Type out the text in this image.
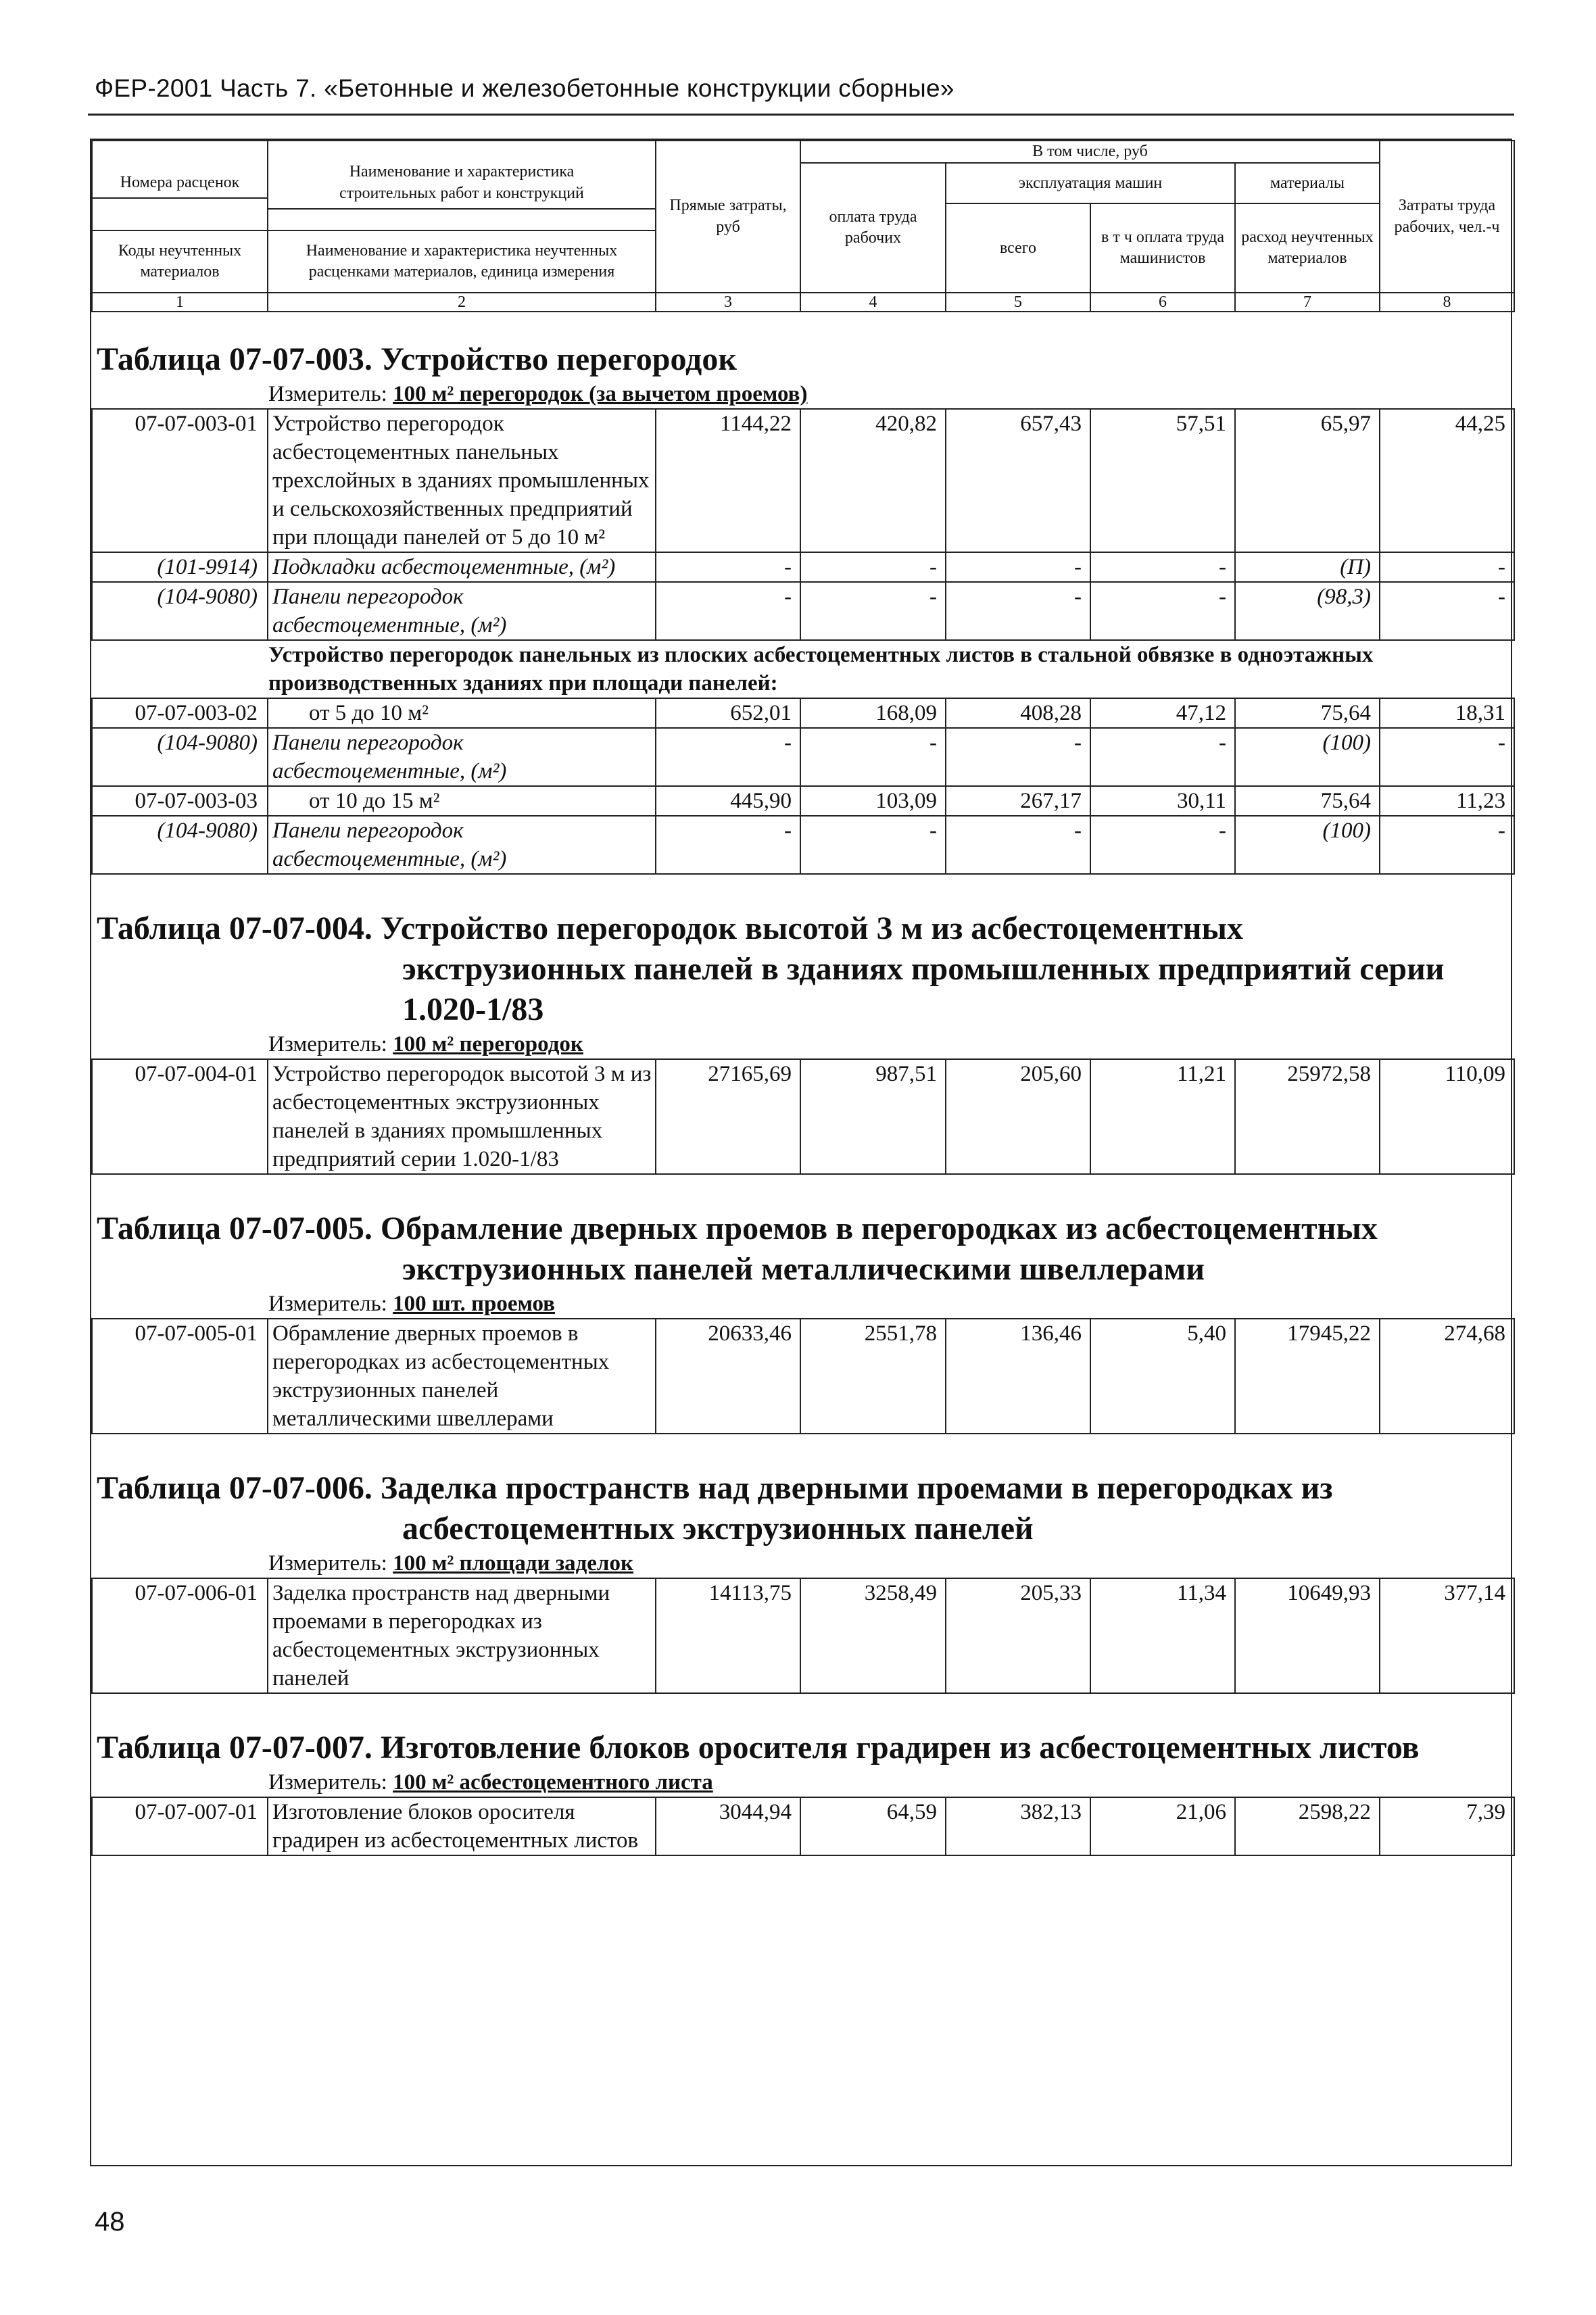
ФЕР-2001 Часть 7. «Бетонные и железобетонные конструкции сборные»
Номера расценок	Наименование и характеристика строительных работ и конструкций	Прямые затраты, руб	В том числе, руб				Затраты труда рабочих, чел.-ч
			оплата труда рабочих	эксплуатация машин		материалы	
				всего	в т ч оплата труда машинистов	расход неучтенных материалов	
Коды неучтенных материалов	Наименование и характеристика неучтенных расценками материалов, единица измерения						
1	2	3	4	5	6	7	8
Таблица 07-07-003. Устройство перегородок
Измеритель: 100 м² перегородок (за вычетом проемов)
07-07-003-01	Устройство перегородок асбестоцементных панельных трехслойных в зданиях промышленных и сельскохозяйственных предприятий при площади панелей от 5 до 10 м²	1144,22	420,82	657,43	57,51	65,97	44,25
(101-9914)	Подкладки асбестоцементные, (м²)	-	-	-	-	(П)	-
(104-9080)	Панели перегородок асбестоцементные, (м²)	-	-	-	-	(98,3)	-
Устройство перегородок панельных из плоских асбестоцементных листов в стальной обвязке в одноэтажных производственных зданиях при площади панелей:
07-07-003-02	от 5 до 10 м²	652,01	168,09	408,28	47,12	75,64	18,31
(104-9080)	Панели перегородок асбестоцементные, (м²)	-	-	-	-	(100)	-
07-07-003-03	от 10 до 15 м²	445,90	103,09	267,17	30,11	75,64	11,23
(104-9080)	Панели перегородок асбестоцементные, (м²)	-	-	-	-	(100)	-
Таблица 07-07-004. Устройство перегородок высотой 3 м из асбестоцементных
экструзионных панелей в зданиях промышленных предприятий серии
1.020-1/83
Измеритель: 100 м² перегородок
07-07-004-01	Устройство перегородок высотой 3 м из асбестоцементных экструзионных панелей в зданиях промышленных предприятий серии 1.020-1/83	27165,69	987,51	205,60	11,21	25972,58	110,09
Таблица 07-07-005. Обрамление дверных проемов в перегородках из асбестоцементных
экструзионных панелей металлическими швеллерами
Измеритель: 100 шт. проемов
07-07-005-01	Обрамление дверных проемов в перегородках из асбестоцементных экструзионных панелей металлическими швеллерами	20633,46	2551,78	136,46	5,40	17945,22	274,68
Таблица 07-07-006. Заделка пространств над дверными проемами в перегородках из
асбестоцементных экструзионных панелей
Измеритель: 100 м² площади заделок
07-07-006-01	Заделка пространств над дверными проемами в перегородках из асбестоцементных экструзионных панелей	14113,75	3258,49	205,33	11,34	10649,93	377,14
Таблица 07-07-007. Изготовление блоков оросителя градирен из асбестоцементных листов
Измеритель: 100 м² асбестоцементного листа
07-07-007-01	Изготовление блоков оросителя градирен из асбестоцементных листов	3044,94	64,59	382,13	21,06	2598,22	7,39
48
